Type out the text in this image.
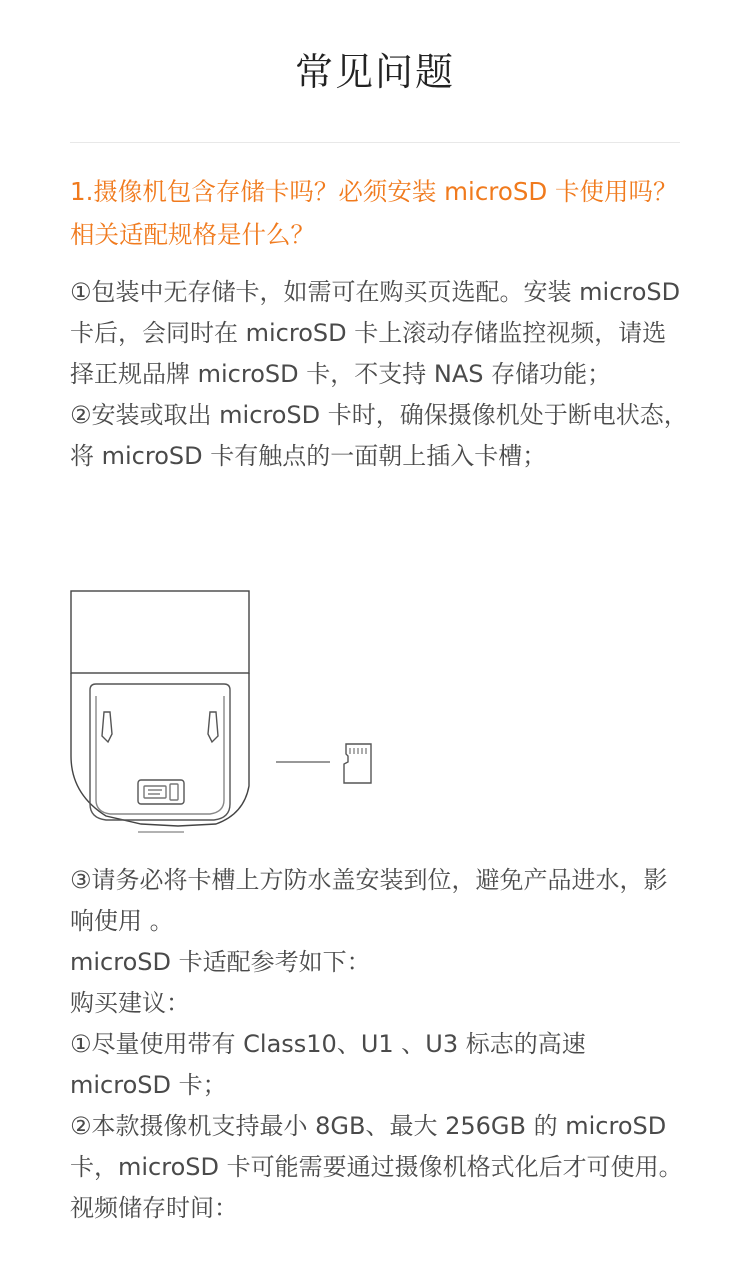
常见问题
1.摄像机包含存储卡吗？必须安装 microSD 卡使用吗？相关适配规格是什么？
①包装中无存储卡，如需可在购买页选配。安装 microSD 卡后，会同时在 microSD 卡上滚动存储监控视频，请选择正规品牌 microSD 卡，不支持 NAS 存储功能；
②安装或取出 microSD 卡时，确保摄像机处于断电状态，将 microSD 卡有触点的一面朝上插入卡槽；
③请务必将卡槽上方防水盖安装到位，避免产品进水，影响使用 。
microSD 卡适配参考如下：
购买建议：
①尽量使用带有 Class10、U1 、U3 标志的高速 microSD 卡；
②本款摄像机支持最小 8GB、最大 256GB 的 microSD 卡，microSD 卡可能需要通过摄像机格式化后才可使用。
视频储存时间：
